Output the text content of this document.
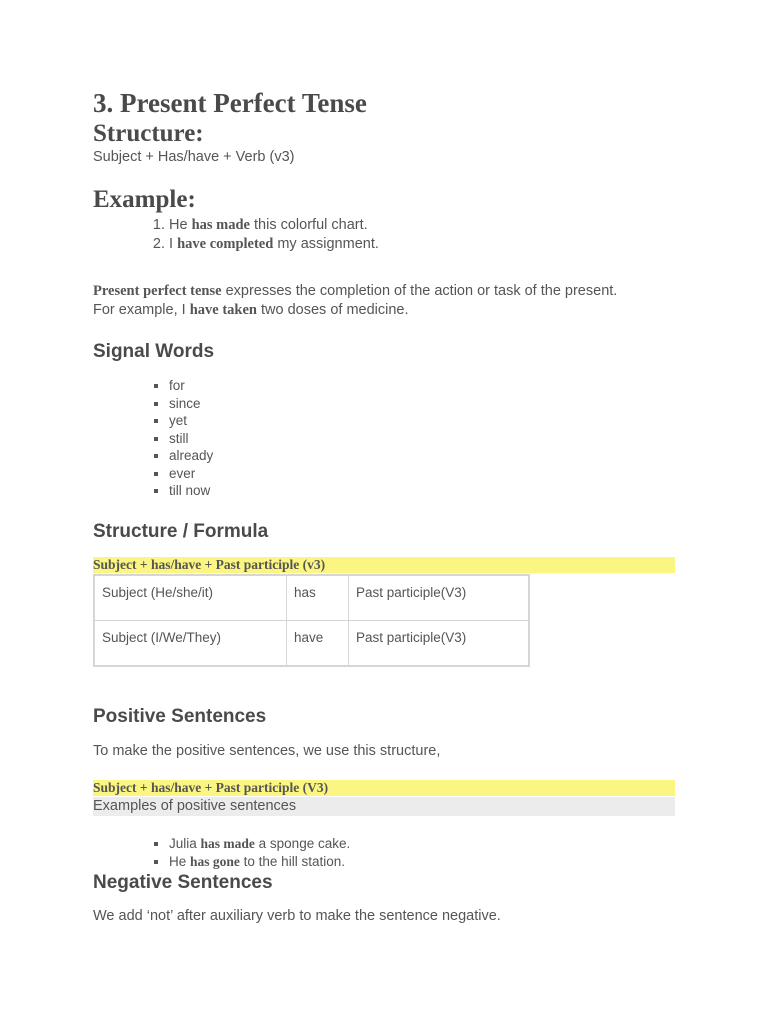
3. Present Perfect Tense
Structure:
Subject + Has/have + Verb (v3)
Example:
1. He has made this colorful chart.
2. I have completed my assignment.
Present perfect tense expresses the completion of the action or task of the present.
For example, I have taken two doses of medicine.
Signal Words
▪ for
▪ since
▪ yet
▪ still
▪ already
▪ ever
▪ till now
Structure / Formula
Subject + has/have + Past participle (v3)
Subject (He/she/it)	has	Past participle(V3)
Subject (I/We/They)	have	Past participle(V3)
Positive Sentences
To make the positive sentences, we use this structure,
Subject + has/have + Past participle (V3)
Examples of positive sentences
▪ Julia has made a sponge cake.
▪ He has gone to the hill station.
Negative Sentences
We add ‘not’ after auxiliary verb to make the sentence negative.
